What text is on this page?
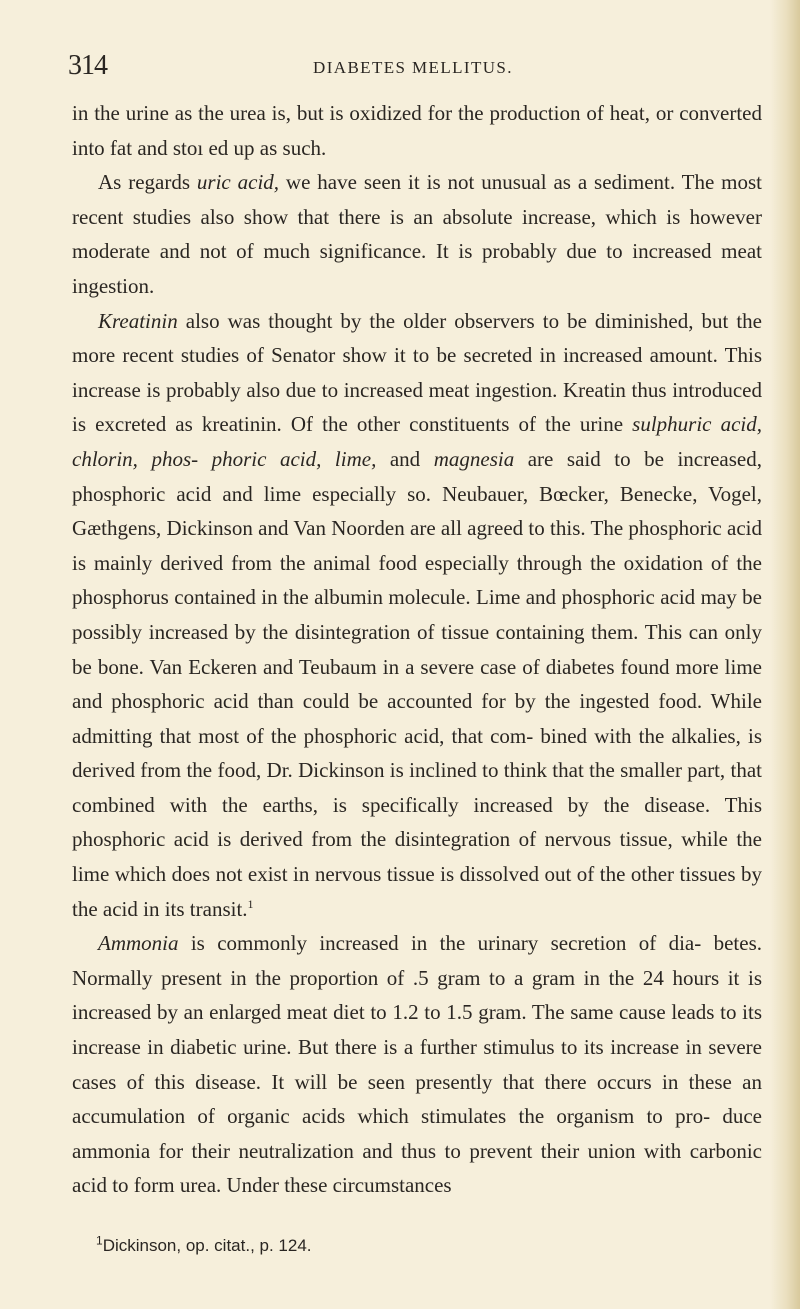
314	DIABETES MELLITUS.

in the urine as the urea is, but is oxidized for the production of heat, or converted into fat and stoı ed up as such.

As regards uric acid, we have seen it is not unusual as a sediment. The most recent studies also show that there is an absolute increase, which is however moderate and not of much significance. It is probably due to increased meat ingestion.

Kreatinin also was thought by the older observers to be diminished, but the more recent studies of Senator show it to be secreted in increased amount. This increase is probably also due to increased meat ingestion. Kreatin thus introduced is excreted as kreatinin. Of the other constituents of the urine sulphuric acid, chlorin, phos- phoric acid, lime, and magnesia are said to be increased, phosphoric acid and lime especially so. Neubauer, Bœcker, Benecke, Vogel, Gæthgens, Dickinson and Van Noorden are all agreed to this. The phosphoric acid is mainly derived from the animal food especially through the oxidation of the phosphorus contained in the albumin molecule. Lime and phosphoric acid may be possibly increased by the disintegration of tissue containing them. This can only be bone. Van Eckeren and Teubaum in a severe case of diabetes found more lime and phosphoric acid than could be accounted for by the ingested food. While admitting that most of the phosphoric acid, that com- bined with the alkalies, is derived from the food, Dr. Dickinson is inclined to think that the smaller part, that combined with the earths, is specifically increased by the disease. This phosphoric acid is derived from the disintegration of nervous tissue, while the lime which does not exist in nervous tissue is dissolved out of the other tissues by the acid in its transit.$^1$

Ammonia is commonly increased in the urinary secretion of dia- betes. Normally present in the proportion of .5 gram to a gram in the 24 hours it is increased by an enlarged meat diet to 1.2 to 1.5 gram. The same cause leads to its increase in diabetic urine. But there is a further stimulus to its increase in severe cases of this disease. It will be seen presently that there occurs in these an accumulation of organic acids which stimulates the organism to pro- duce ammonia for their neutralization and thus to prevent their union with carbonic acid to form urea. Under these circumstances

$^1$Dickinson, op. citat., p. 124.
